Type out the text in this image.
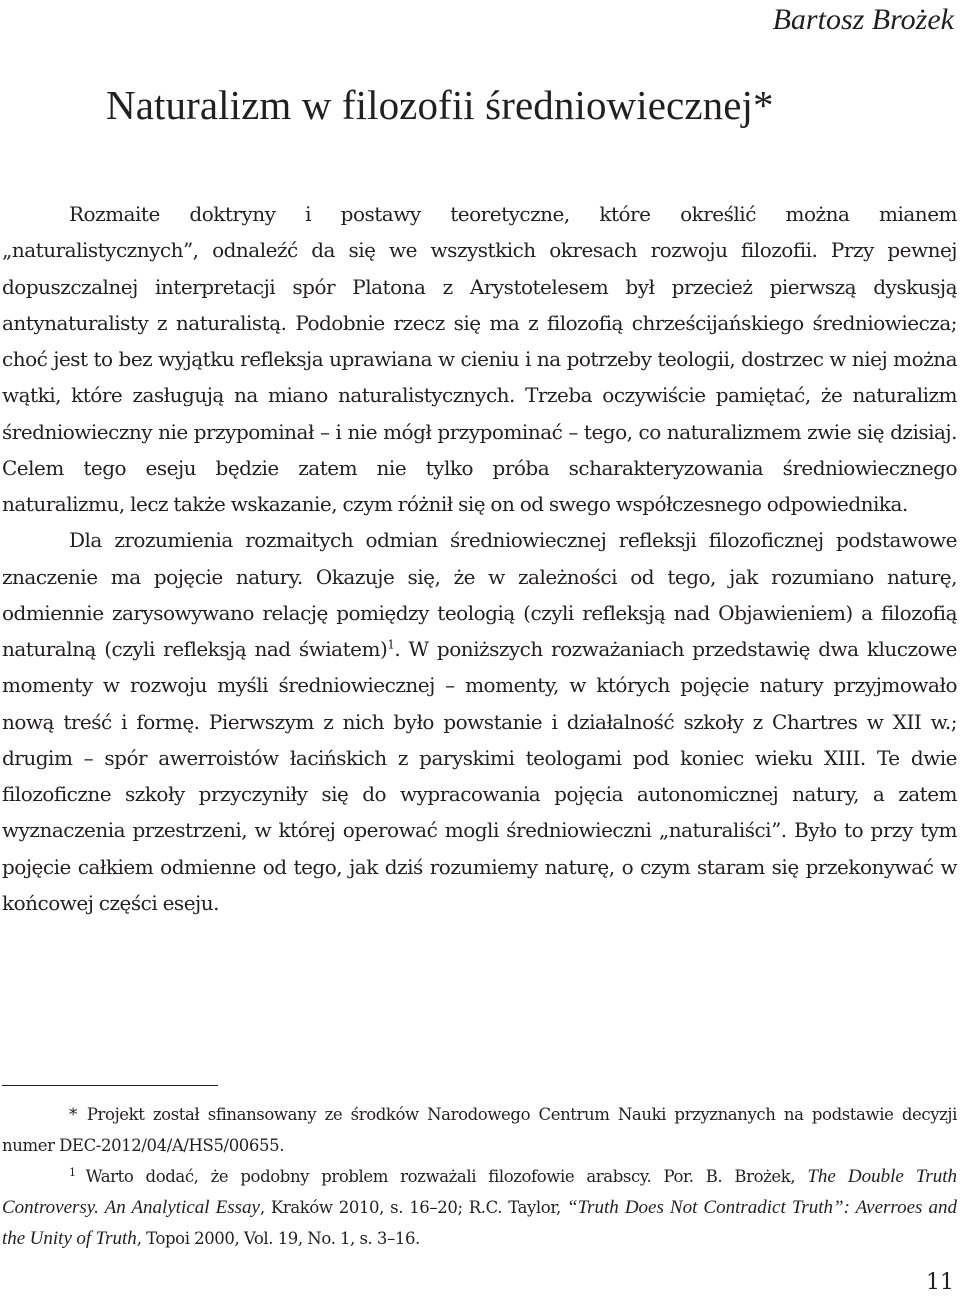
Bartosz Brożek

Naturalizm w filozofii średniowiecznej*

Rozmaite doktryny i postawy teoretyczne, które określić można mianem „naturalistycznych”, odnaleźć da się we wszystkich okresach rozwoju filozofii. Przy pewnej dopuszczalnej interpretacji spór Platona z Arystotelesem był przecież pierwszą dyskusją antynaturalisty z naturalistą. Podobnie rzecz się ma z filozofią chrześcijańskiego średniowiecza; choć jest to bez wyjątku refleksja uprawiana w cieniu i na potrzeby teologii, dostrzec w niej można wątki, które zasługują na miano naturalistycznych. Trzeba oczywiście pamiętać, że naturalizm średniowieczny nie przypominał – i nie mógł przypominać – tego, co naturalizmem zwie się dzisiaj. Celem tego eseju będzie zatem nie tylko próba scharakteryzowania średniowiecznego naturalizmu, lecz także wskazanie, czym różnił się on od swego współczesnego odpowiednika.

Dla zrozumienia rozmaitych odmian średniowiecznej refleksji filozoficznej podstawowe znaczenie ma pojęcie natury. Okazuje się, że w zależności od tego, jak rozumiano naturę, odmiennie zarysowywano relację pomiędzy teologią (czyli refleksją nad Objawieniem) a filozofią naturalną (czyli refleksją nad światem)$^1$. W poniższych rozważaniach przedstawię dwa kluczowe momenty w rozwoju myśli średniowiecznej – momenty, w których pojęcie natury przyjmowało nową treść i formę. Pierwszym z nich było powstanie i działalność szkoły z Chartres w XII w.; drugim – spór awerroistów łacińskich z paryskimi teologami pod koniec wieku XIII. Te dwie filozoficzne szkoły przyczyniły się do wypracowania pojęcia autonomicznej natury, a zatem wyznaczenia przestrzeni, w której operować mogli średniowieczni „naturaliści”. Było to przy tym pojęcie całkiem odmienne od tego, jak dziś rozumiemy naturę, o czym staram się przekonywać w końcowej części eseju.

* Projekt został sfinansowany ze środków Narodowego Centrum Nauki przyznanych na podstawie decyzji numer DEC-2012/04/A/HS5/00655.

$^1$ Warto dodać, że podobny problem rozważali filozofowie arabscy. Por. B. Brożek, The Double Truth Controversy. An Analytical Essay, Kraków 2010, s. 16–20; R.C. Taylor, “Truth Does Not Contradict Truth”: Averroes and the Unity of Truth, Topoi 2000, Vol. 19, No. 1, s. 3–16.

11
